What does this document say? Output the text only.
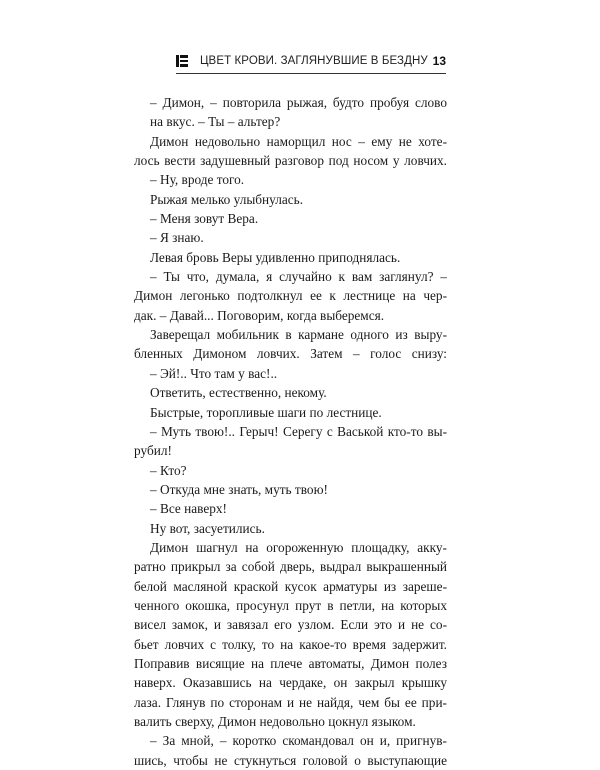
ЦВЕТ КРОВИ. ЗАГЛЯНУВШИЕ В БЕЗДНУ 13
– Димон, – повторила рыжая, будто пробуя слово
на вкус. – Ты – альтер?
Димон недовольно наморщил нос – ему не хоте-
лось вести задушевный разговор под носом у ловчих.
– Ну, вроде того.
Рыжая мелько улыбнулась.
– Меня зовут Вера.
– Я знаю.
Левая бровь Веры удивленно приподнялась.
– Ты что, думала, я случайно к вам заглянул? –
Димон легонько подтолкнул ее к лестнице на чер-
дак. – Давай... Поговорим, когда выберемся.
Заверещал мобильник в кармане одного из выру-
бленных Димоном ловчих. Затем – голос снизу:
– Эй!.. Что там у вас!..
Ответить, естественно, некому.
Быстрые, торопливые шаги по лестнице.
– Муть твою!.. Герыч! Серегу с Васькой кто-то вы-
рубил!
– Кто?
– Откуда мне знать, муть твою!
– Все наверх!
Ну вот, засуетились.
Димон шагнул на огороженную площадку, акку-
ратно прикрыл за собой дверь, выдрал выкрашенный
белой масляной краской кусок арматуры из зареше-
ченного окошка, просунул прут в петли, на которых
висел замок, и завязал его узлом. Если это и не со-
бьет ловчих с толку, то на какое-то время задержит.
Поправив висящие на плече автоматы, Димон полез
наверх. Оказавшись на чердаке, он закрыл крышку
лаза. Глянув по сторонам и не найдя, чем бы ее при-
валить сверху, Димон недовольно цокнул языком.
– За мной, – коротко скомандовал он и, пригнув-
шись, чтобы не стукнуться головой о выступающие
